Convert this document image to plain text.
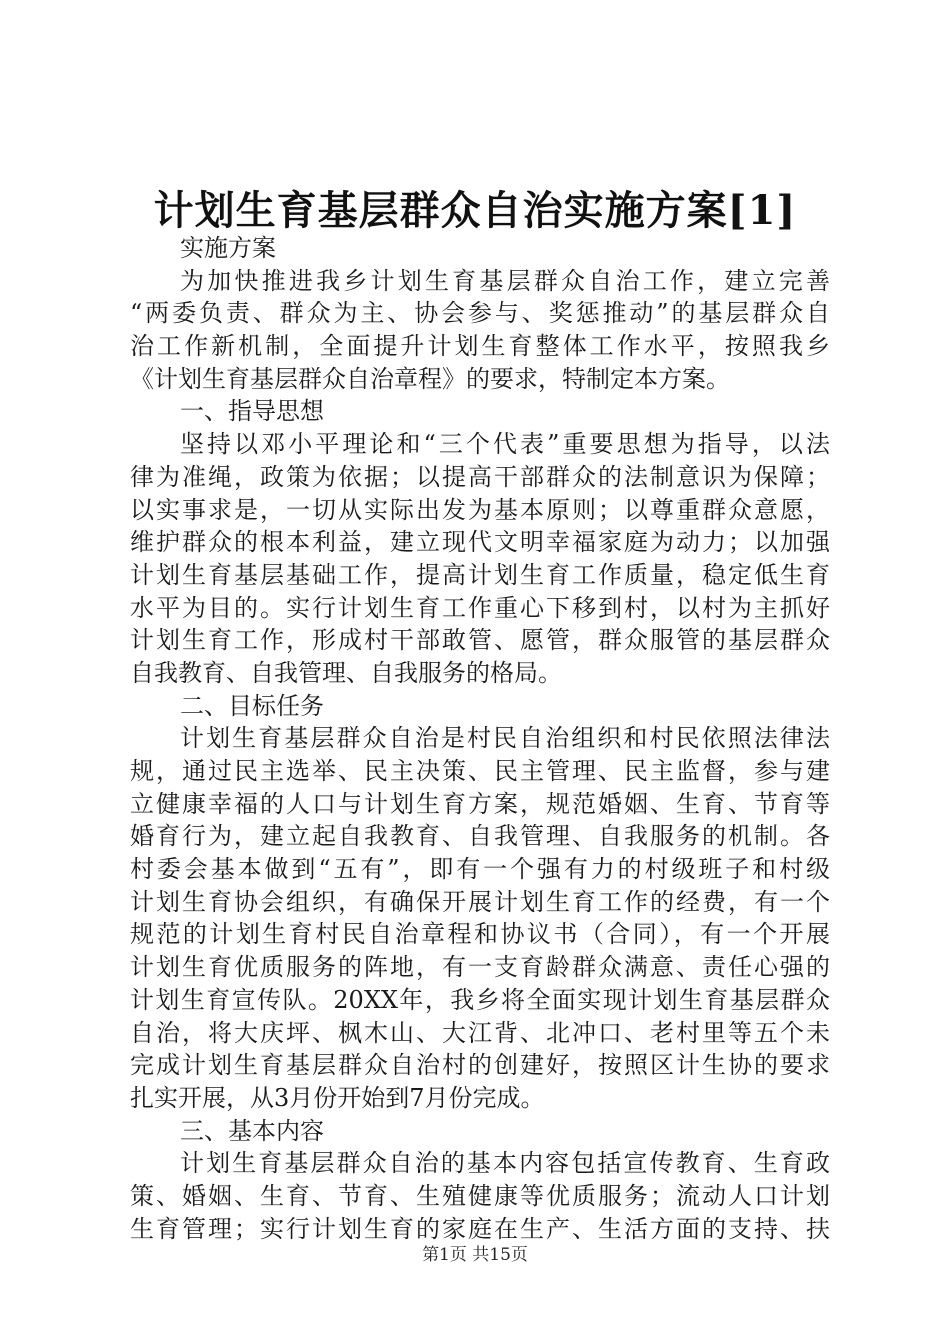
计划生育基层群众自治实施方案[1]
实施方案
为加快推进我乡计划生育基层群众自治工作，建立完善
“两委负责、群众为主、协会参与、奖惩推动”的基层群众自
治工作新机制，全面提升计划生育整体工作水平，按照我乡
《计划生育基层群众自治章程》的要求，特制定本方案。
一、指导思想
坚持以邓小平理论和“三个代表”重要思想为指导，以法
律为准绳，政策为依据；以提高干部群众的法制意识为保障；
以实事求是，一切从实际出发为基本原则；以尊重群众意愿，
维护群众的根本利益，建立现代文明幸福家庭为动力；以加强
计划生育基层基础工作，提高计划生育工作质量，稳定低生育
水平为目的。实行计划生育工作重心下移到村，以村为主抓好
计划生育工作，形成村干部敢管、愿管，群众服管的基层群众
自我教育、自我管理、自我服务的格局。
二、目标任务
计划生育基层群众自治是村民自治组织和村民依照法律法
规，通过民主选举、民主决策、民主管理、民主监督，参与建
立健康幸福的人口与计划生育方案，规范婚姻、生育、节育等
婚育行为，建立起自我教育、自我管理、自我服务的机制。各
村委会基本做到“五有”，即有一个强有力的村级班子和村级
计划生育协会组织，有确保开展计划生育工作的经费，有一个
规范的计划生育村民自治章程和协议书（合同），有一个开展
计划生育优质服务的阵地，有一支育龄群众满意、责任心强的
计划生育宣传队。20XX年，我乡将全面实现计划生育基层群众
自治，将大庆坪、枫木山、大江背、北冲口、老村里等五个未
完成计划生育基层群众自治村的创建好，按照区计生协的要求
扎实开展，从3月份开始到7月份完成。
三、基本内容
计划生育基层群众自治的基本内容包括宣传教育、生育政
策、婚姻、生育、节育、生殖健康等优质服务；流动人口计划
生育管理；实行计划生育的家庭在生产、生活方面的支持、扶
第1页 共15页
